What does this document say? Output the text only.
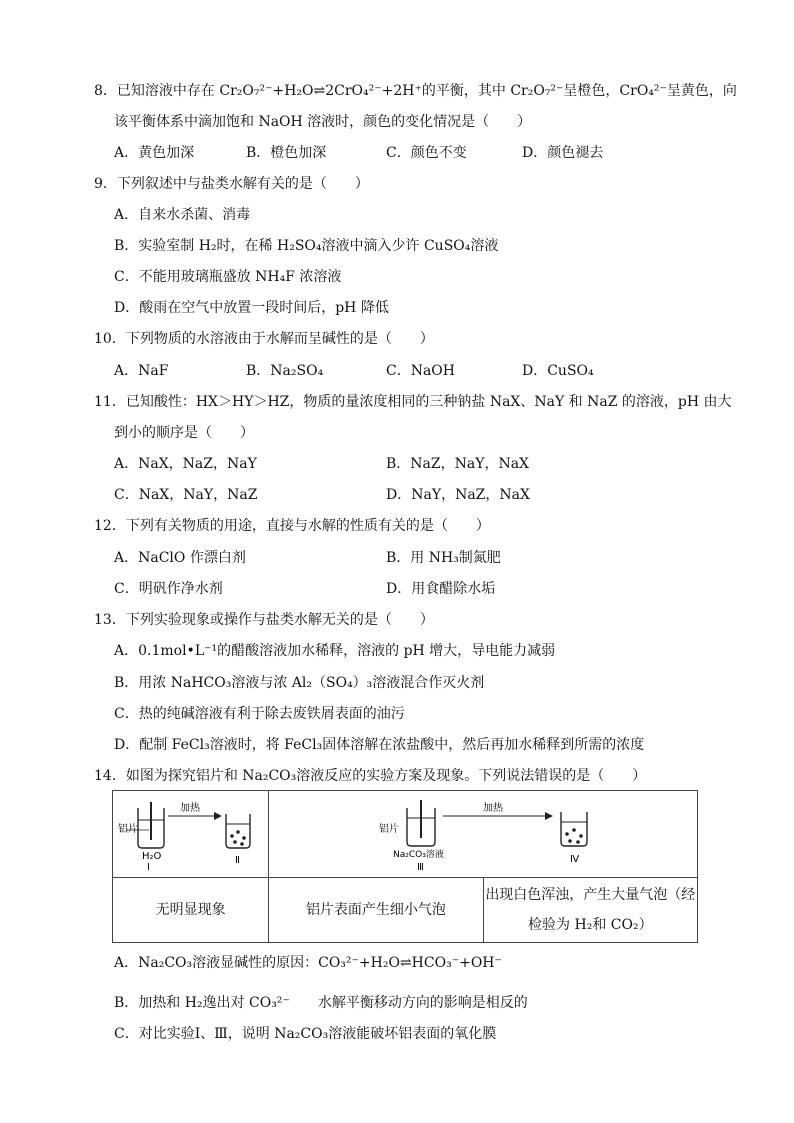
8．已知溶液中存在 Cr₂O₇²⁻+H₂O⇌2CrO₄²⁻+2H⁺的平衡，其中 Cr₂O₇²⁻呈橙色，CrO₄²⁻呈黄色，向
该平衡体系中滴加饱和 NaOH 溶液时，颜色的变化情况是（　　）
A．黄色加深	B．橙色加深	C．颜色不变	D．颜色褪去
9．下列叙述中与盐类水解有关的是（　　）
A．自来水杀菌、消毒
B．实验室制 H₂时，在稀 H₂SO₄溶液中滴入少许 CuSO₄溶液
C．不能用玻璃瓶盛放 NH₄F 浓溶液
D．酸雨在空气中放置一段时间后，pH 降低
10．下列物质的水溶液由于水解而呈碱性的是（　　）
A．NaF	B．Na₂SO₄	C．NaOH	D．CuSO₄
11．已知酸性：HX＞HY＞HZ，物质的量浓度相同的三种钠盐 NaX、NaY 和 NaZ 的溶液，pH 由大
到小的顺序是（　　）
A．NaX，NaZ，NaY	B．NaZ，NaY，NaX
C．NaX，NaY，NaZ	D．NaY，NaZ，NaX
12．下列有关物质的用途，直接与水解的性质有关的是（　　）
A．NaClO 作漂白剂	B．用 NH₃制氮肥
C．明矾作净水剂	D．用食醋除水垢
13．下列实验现象或操作与盐类水解无关的是（　　）
A．0.1mol•L⁻¹的醋酸溶液加水稀释，溶液的 pH 增大，导电能力减弱
B．用浓 NaHCO₃溶液与浓 Al₂（SO₄）₃溶液混合作灭火剂
C．热的纯碱溶液有利于除去废铁屑表面的油污
D．配制 FeCl₃溶液时，将 FeCl₃固体溶解在浓盐酸中，然后再加水稀释到所需的浓度
14．如图为探究铝片和 Na₂CO₃溶液反应的实验方案及现象。下列说法错误的是（　　）
铝片
H₂O
Ⅰ
加热
Ⅱ	铝片
Na₂CO₃溶液
Ⅲ
加热
Ⅳ	

无明显现象	铝片表面产生细小气泡	出现白色浑浊，产生大量气泡（经
检验为 H₂和 CO₂）
A．Na₂CO₃溶液显碱性的原因：CO₃²⁻+H₂O⇌HCO₃⁻+OH⁻
B．加热和 H₂逸出对 CO₃²⁻　　水解平衡移动方向的影响是相反的
C．对比实验Ⅰ、Ⅲ，说明 Na₂CO₃溶液能破坏铝表面的氧化膜
